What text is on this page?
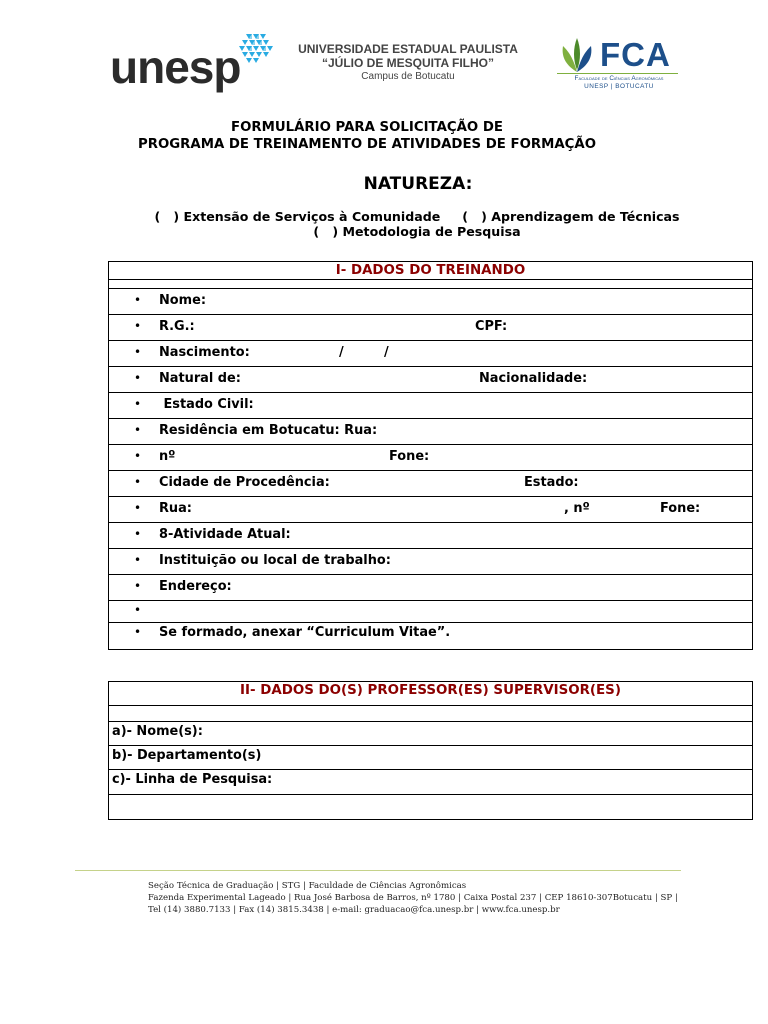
unesp	UNIVERSIDADE ESTADUAL PAULISTA
“JÚLIO DE MESQUITA FILHO”
Campus de Botucatu
FCA
Faculdade de Ciências Agronômicas
UNESP | BOTUCATU
FORMULÁRIO PARA SOLICITAÇÃO DE
PROGRAMA DE TREINAMENTO DE ATIVIDADES DE FORMAÇÃO
NATUREZA:
(   ) Extensão de Serviços à Comunidade     (   ) Aprendizagem de Técnicas
(   ) Metodologia de Pesquisa
I- DADOS DO TREINANDO
• Nome:
• R.G.:	CPF:
• Nascimento:	/	/
• Natural de:	Nacionalidade:
• Estado Civil:
• Residência em Botucatu: Rua:
• nº	Fone:
• Cidade de Procedência:	Estado:
• Rua:	, nº	Fone:
• 8-Atividade Atual:
• Instituição ou local de trabalho:
• Endereço:
•
• Se formado, anexar “Curriculum Vitae”.
II- DADOS DO(S) PROFESSOR(ES) SUPERVISOR(ES)
a)- Nome(s):
b)- Departamento(s)
c)- Linha de Pesquisa:
Seção Técnica de Graduação | STG | Faculdade de Ciências Agronômicas
Fazenda Experimental Lageado | Rua José Barbosa de Barros, nº 1780 | Caixa Postal 237 | CEP 18610-307Botucatu | SP |
Tel (14) 3880.7133 | Fax (14) 3815.3438 | e-mail: graduacao@fca.unesp.br | www.fca.unesp.br
